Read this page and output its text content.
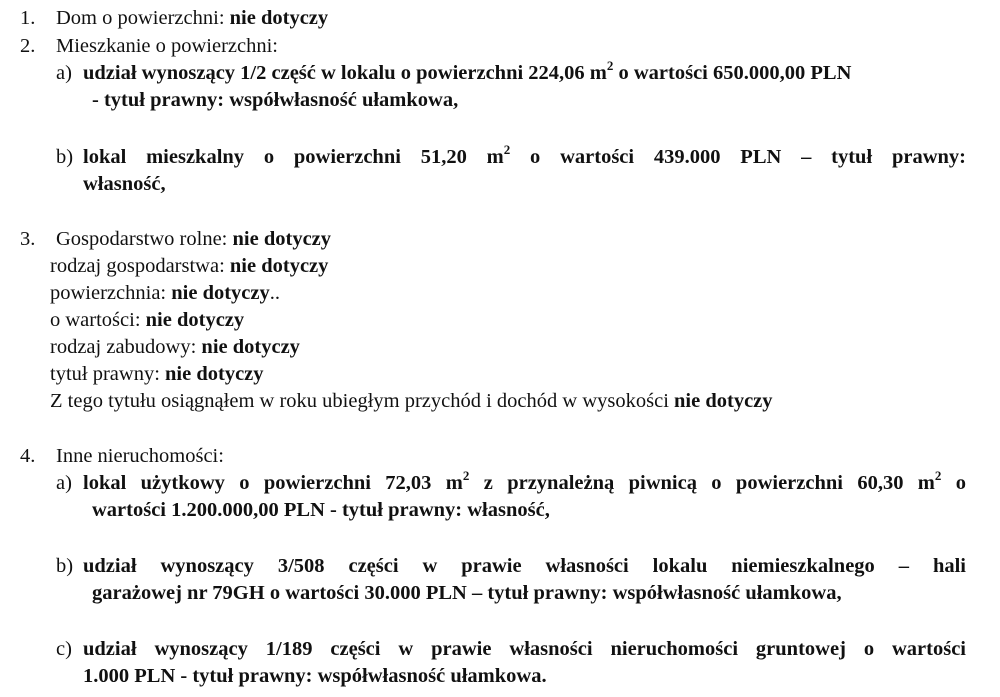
1. Dom o powierzchni: nie dotyczy
2. Mieszkanie o powierzchni:
a) udział wynoszący 1/2 część w lokalu o powierzchni 224,06 $m^2$ o wartości 650.000,00 PLN
- tytuł prawny: współwłasność ułamkowa,
b) lokal mieszkalny o powierzchni 51,20 $m^2$ o wartości 439.000 PLN – tytuł prawny:
własność,
3. Gospodarstwo rolne: nie dotyczy
rodzaj gospodarstwa: nie dotyczy
powierzchnia: nie dotyczy..
o wartości: nie dotyczy
rodzaj zabudowy: nie dotyczy
tytuł prawny: nie dotyczy
Z tego tytułu osiągnąłem w roku ubiegłym przychód i dochód w wysokości nie dotyczy
4. Inne nieruchomości:
a) lokal użytkowy o powierzchni 72,03 $m^2$ z przynależną piwnicą o powierzchni 60,30 $m^2$ o
wartości 1.200.000,00 PLN - tytuł prawny: własność,
b) udział wynoszący 3/508 części w prawie własności lokalu niemieszkalnego – hali
garażowej nr 79GH o wartości 30.000 PLN – tytuł prawny: współwłasność ułamkowa,
c) udział wynoszący 1/189 części w prawie własności nieruchomości gruntowej o wartości
1.000 PLN - tytuł prawny: współwłasność ułamkowa.
